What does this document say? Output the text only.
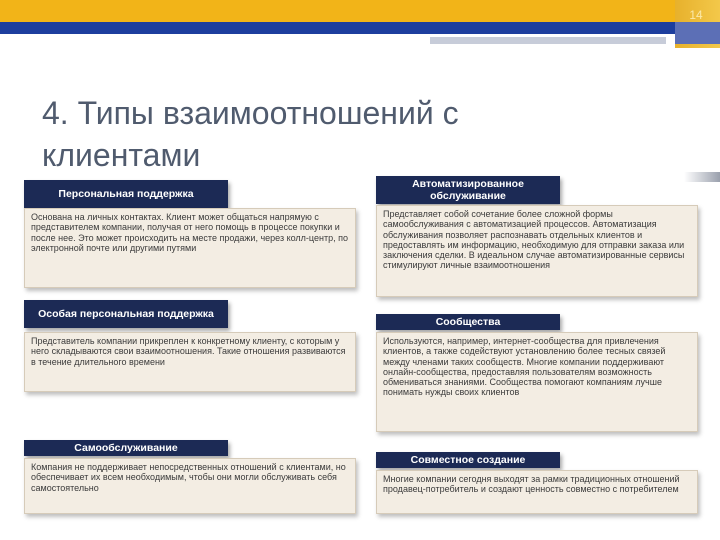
14
4. Типы взаимоотношений с клиентами
Персональная поддержка
Основана на личных контактах. Клиент может общаться напрямую с представителем компании, получая от него помощь в процессе покупки и после нее. Это может происходить на месте продажи, через колл-центр, по электронной почте или другими путями
Особая персональная поддержка
Представитель компании прикреплен к конкретному клиенту, с которым у него складываются свои взаимоотношения. Такие отношения развиваются в течение длительного времени
Самообслуживание
Компания не поддерживает непосредственных отношений с клиентами, но обеспечивает их всем необходимым, чтобы они могли обслуживать себя самостоятельно
Автоматизированное обслуживание
Представляет собой сочетание более сложной формы самообслуживания с автоматизацией процессов. Автоматизация обслуживания позволяет распознавать отдельных клиентов и предоставлять им информацию, необходимую для отправки заказа или заключения сделки. В идеальном случае автоматизированные сервисы стимулируют личные взаимоотношения
Сообщества
Используются, например, интернет-сообщества для привлечения клиентов, а также содействуют установлению более тесных связей между членами таких сообществ. Многие компании поддерживают онлайн-сообщества, предоставляя пользователям возможность обмениваться знаниями. Сообщества помогают компаниям лучше понимать нужды своих клиентов
Совместное создание
Многие компании сегодня выходят за рамки традиционных отношений продавец-потребитель и создают ценность совместно с потребителем
